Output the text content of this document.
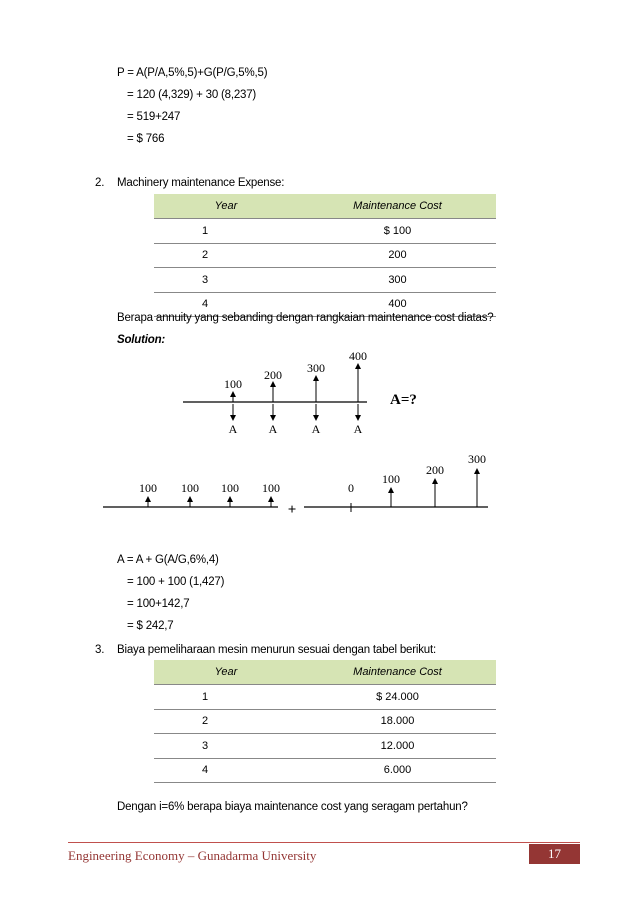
P = A(P/A,5%,5)+G(P/G,5%,5)
= 120 (4,329) + 30 (8,237)
= 519+247
= $ 766
2. Machinery maintenance Expense:
Year	Maintenance Cost
1	$ 100
2	200
3	300
4	400
Berapa annuity yang sebanding dengan rangkaian maintenance cost diatas?
Solution:
100
200 300
400
A	A	A	A
A=?
100 100 100 100
+
0
100
200
300
A = A + G(A/G,6%,4)
= 100 + 100 (1,427)
= 100+142,7
= $ 242,7
3. Biaya pemeliharaan mesin menurun sesuai dengan tabel berikut:
Year	Maintenance Cost
1	$ 24.000
2	18.000
3	12.000
4	6.000
Dengan i=6% berapa biaya maintenance cost yang seragam pertahun?
Engineering Economy – Gunadarma University	17
